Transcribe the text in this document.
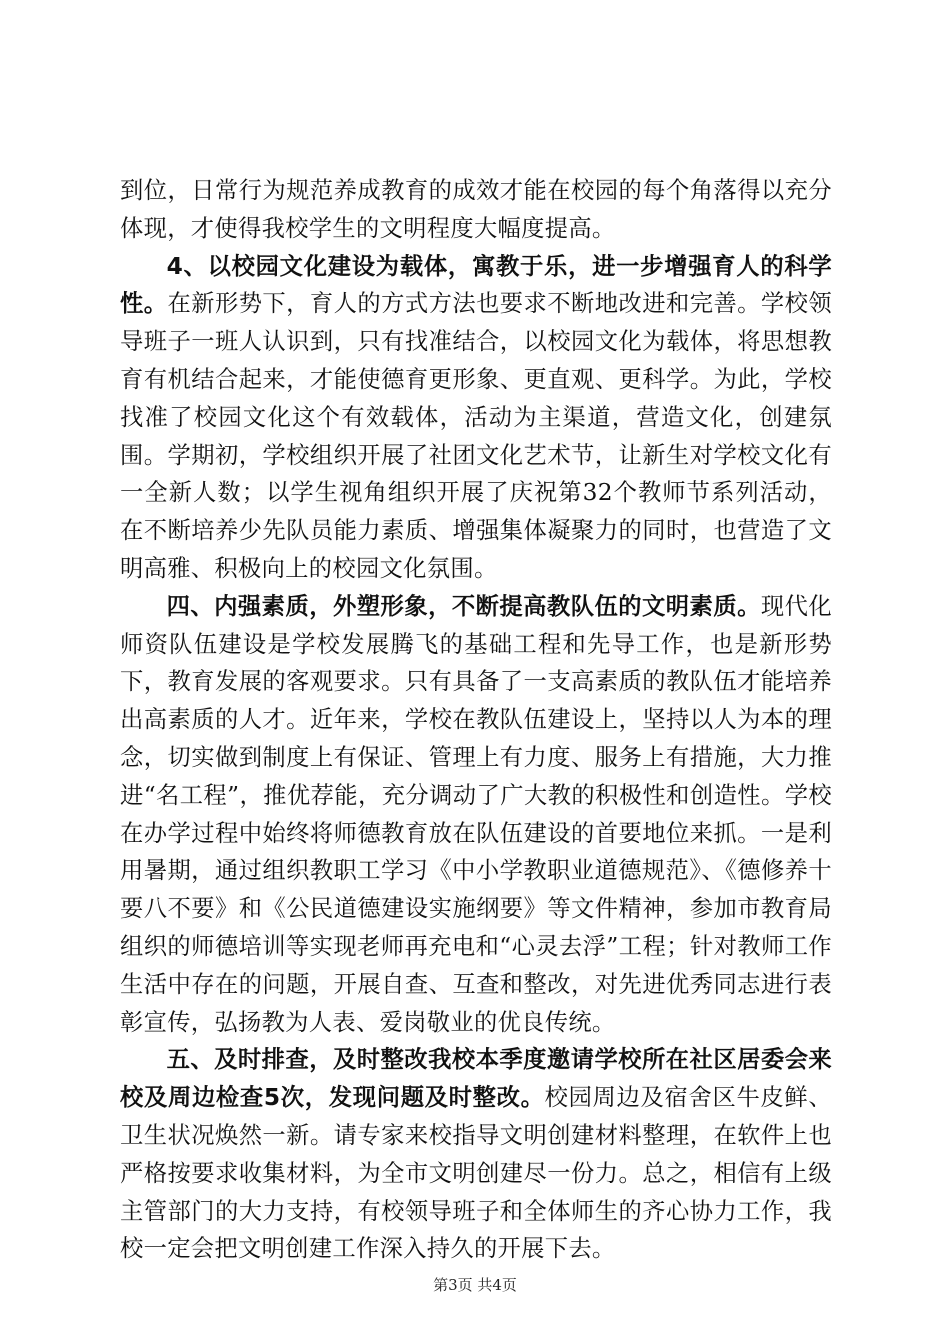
到位，日常行为规范养成教育的成效才能在校园的每个角落得以充分体现，才使得我校学生的文明程度大幅度提高。

4、以校园文化建设为载体，寓教于乐，进一步增强育人的科学性。在新形势下，育人的方式方法也要求不断地改进和完善。学校领导班子一班人认识到，只有找准结合，以校园文化为载体，将思想教育有机结合起来，才能使德育更形象、更直观、更科学。为此，学校找准了校园文化这个有效载体，活动为主渠道，营造文化，创建氛围。学期初，学校组织开展了社团文化艺术节，让新生对学校文化有一全新人数；以学生视角组织开展了庆祝第32个教师节系列活动，在不断培养少先队员能力素质、增强集体凝聚力的同时，也营造了文明高雅、积极向上的校园文化氛围。

四、内强素质，外塑形象，不断提高教队伍的文明素质。现代化师资队伍建设是学校发展腾飞的基础工程和先导工作，也是新形势下，教育发展的客观要求。只有具备了一支高素质的教队伍才能培养出高素质的人才。近年来，学校在教队伍建设上，坚持以人为本的理念，切实做到制度上有保证、管理上有力度、服务上有措施，大力推进“名工程”，推优荐能，充分调动了广大教的积极性和创造性。学校在办学过程中始终将师德教育放在队伍建设的首要地位来抓。一是利用暑期，通过组织教职工学习《中小学教职业道德规范》、《德修养十要八不要》和《公民道德建设实施纲要》等文件精神，参加市教育局组织的师德培训等实现老师再充电和“心灵去浮”工程；针对教师工作生活中存在的问题，开展自查、互查和整改，对先进优秀同志进行表彰宣传，弘扬教为人表、爱岗敬业的优良传统。

五、及时排查，及时整改我校本季度邀请学校所在社区居委会来校及周边检查5次，发现问题及时整改。校园周边及宿舍区牛皮鲜、卫生状况焕然一新。请专家来校指导文明创建材料整理，在软件上也严格按要求收集材料，为全市文明创建尽一份力。总之，相信有上级主管部门的大力支持，有校领导班子和全体师生的齐心协力工作，我校一定会把文明创建工作深入持久的开展下去。

第3页 共4页
